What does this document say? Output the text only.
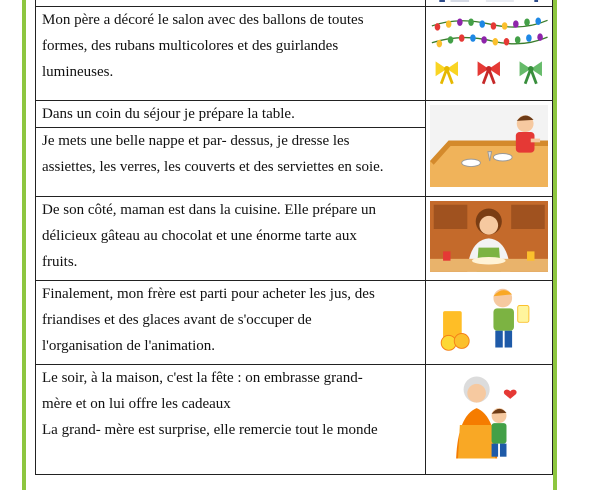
Mon père a décoré le salon avec des ballons de toutes
formes, des rubans multicolores et des guirlandes
lumineuses.

Dans un coin du séjour je prépare la table.
Je mets une belle nappe et par- dessus, je dresse les
assiettes, les verres, les couverts et des serviettes en soie.

De son côté, maman est dans la cuisine. Elle prépare un
délicieux gâteau au chocolat et une énorme tarte aux
fruits.

Finalement, mon frère est parti pour acheter les jus, des
friandises et des glaces avant de s'occuper de
l'organisation de l'animation.

Le soir, à la maison, c'est la fête : on embrasse grand-
mère et on lui offre les cadeaux
La grand- mère est surprise, elle remercie tout le monde
